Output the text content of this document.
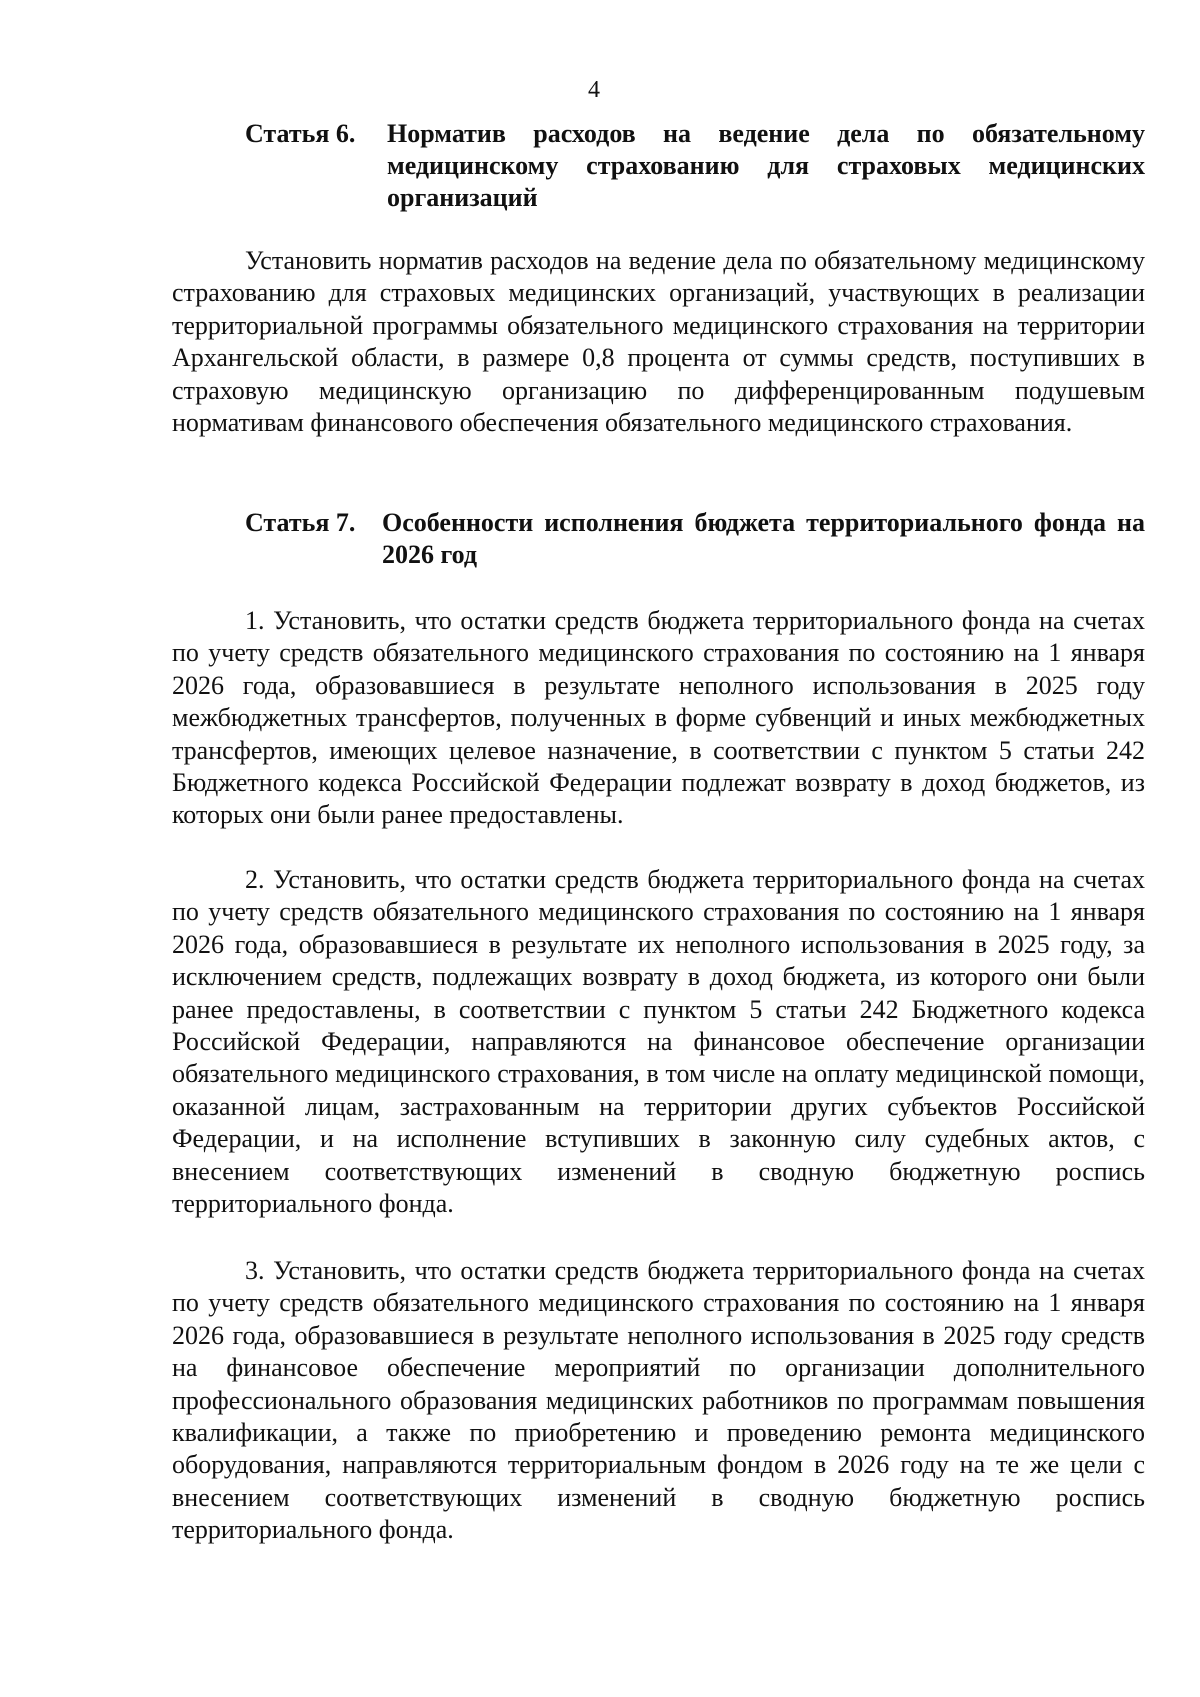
4
Статья 6.	Норматив расходов на ведение дела по обязательному медицинскому страхованию для страховых медицинских организаций

Установить норматив расходов на ведение дела по обязательному медицинскому страхованию для страховых медицинских организаций, участвующих в реализации территориальной программы обязательного медицинского страхования на территории Архангельской области, в размере 0,8 процента от суммы средств, поступивших в страховую медицинскую организацию по дифференцированным подушевым нормативам финансового обеспечения обязательного медицинского страхования.

Статья 7.	Особенности исполнения бюджета территориального фонда на 2026 год

1. Установить, что остатки средств бюджета территориального фонда на счетах по учету средств обязательного медицинского страхования по состоянию на 1 января 2026 года, образовавшиеся в результате неполного использования в 2025 году межбюджетных трансфертов, полученных в форме субвенций и иных межбюджетных трансфертов, имеющих целевое назначение, в соответствии с пунктом 5 статьи 242 Бюджетного кодекса Российской Федерации подлежат возврату в доход бюджетов, из которых они были ранее предоставлены.

2. Установить, что остатки средств бюджета территориального фонда на счетах по учету средств обязательного медицинского страхования по состоянию на 1 января 2026 года, образовавшиеся в результате их неполного использования в 2025 году, за исключением средств, подлежащих возврату в доход бюджета, из которого они были ранее предоставлены, в соответствии с пунктом 5 статьи 242 Бюджетного кодекса Российской Федерации, направляются на финансовое обеспечение организации обязательного медицинского страхования, в том числе на оплату медицинской помощи, оказанной лицам, застрахованным на территории других субъектов Российской Федерации, и на исполнение вступивших в законную силу судебных актов, с внесением соответствующих изменений в сводную бюджетную роспись территориального фонда.

3. Установить, что остатки средств бюджета территориального фонда на счетах по учету средств обязательного медицинского страхования по состоянию на 1 января 2026 года, образовавшиеся в результате неполного использования в 2025 году средств на финансовое обеспечение мероприятий по организации дополнительного профессионального образования медицинских работников по программам повышения квалификации, а также по приобретению и проведению ремонта медицинского оборудования, направляются территориальным фондом в 2026 году на те же цели с внесением соответствующих изменений в сводную бюджетную роспись территориального фонда.
